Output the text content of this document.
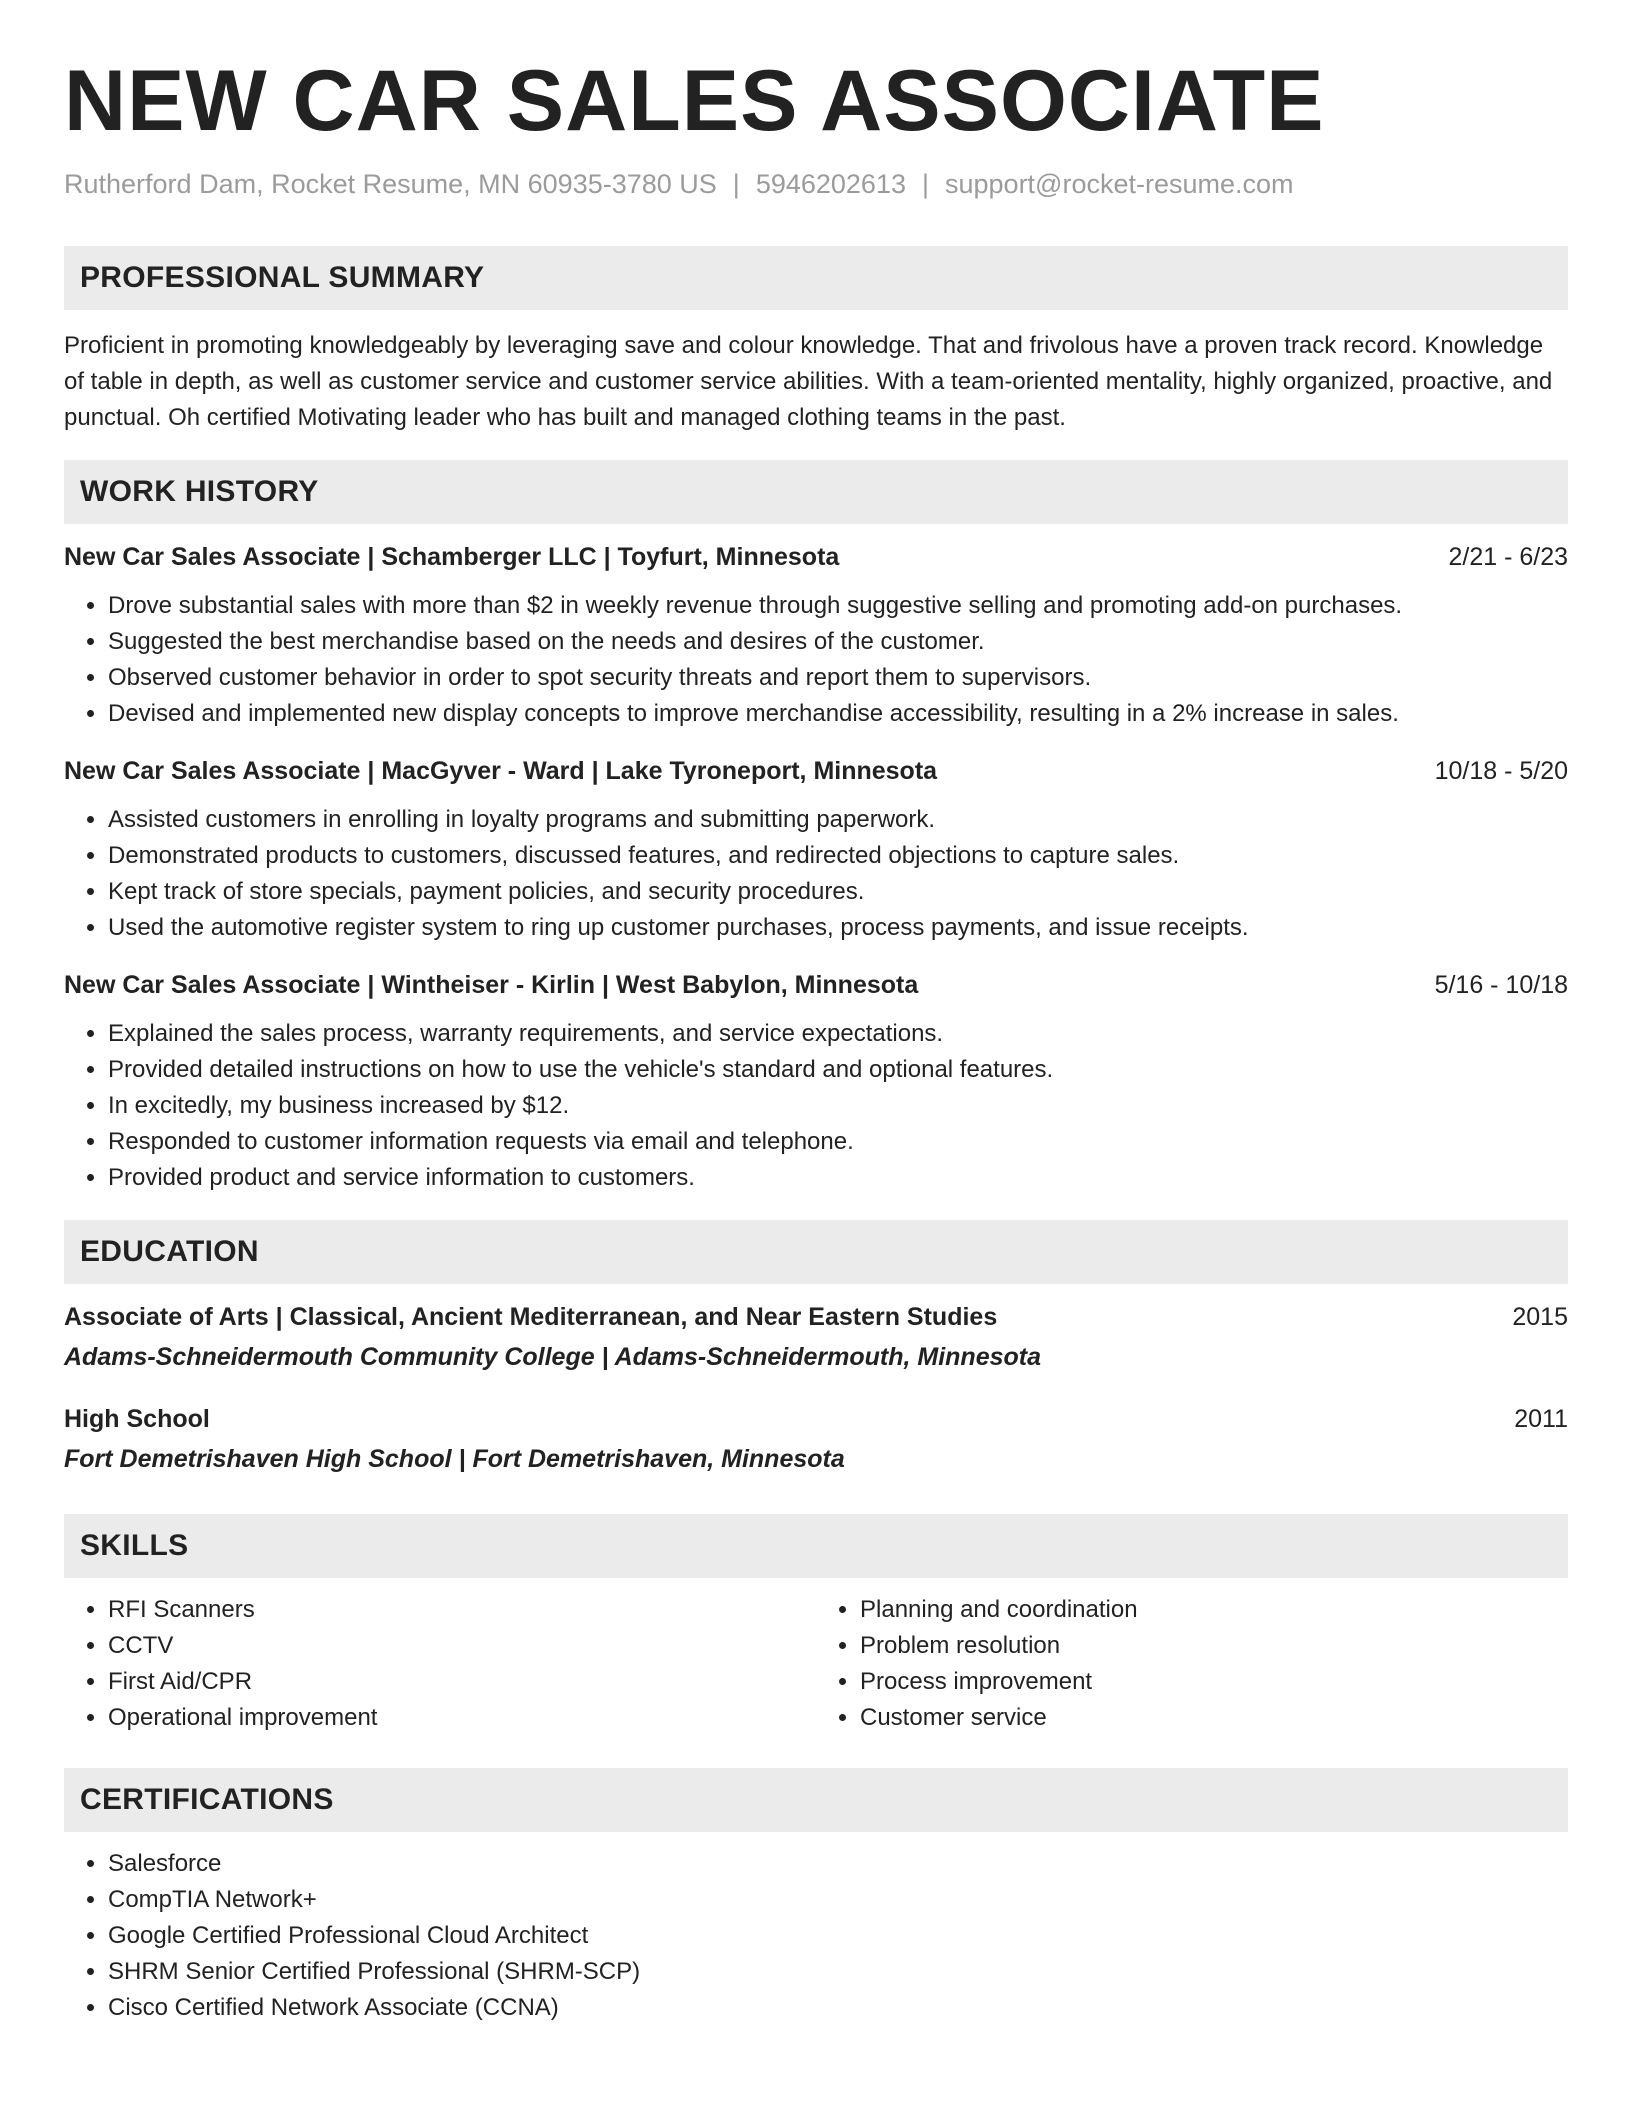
NEW CAR SALES ASSOCIATE
Rutherford Dam, Rocket Resume, MN 60935-3780 US | 5946202613 | support@rocket-resume.com
PROFESSIONAL SUMMARY

Proficient in promoting knowledgeably by leveraging save and colour knowledge. That and frivolous have a proven track record. Knowledge of table in depth, as well as customer service and customer service abilities. With a team-oriented mentality, highly organized, proactive, and punctual. Oh certified Motivating leader who has built and managed clothing teams in the past.

WORK HISTORY
New Car Sales Associate | Schamberger LLC | Toyfurt, Minnesota	2/21 - 6/23
• Drove substantial sales with more than $2 in weekly revenue through suggestive selling and promoting add-on purchases.
• Suggested the best merchandise based on the needs and desires of the customer.
• Observed customer behavior in order to spot security threats and report them to supervisors.
• Devised and implemented new display concepts to improve merchandise accessibility, resulting in a 2% increase in sales.
New Car Sales Associate | MacGyver - Ward | Lake Tyroneport, Minnesota	10/18 - 5/20
• Assisted customers in enrolling in loyalty programs and submitting paperwork.
• Demonstrated products to customers, discussed features, and redirected objections to capture sales.
• Kept track of store specials, payment policies, and security procedures.
• Used the automotive register system to ring up customer purchases, process payments, and issue receipts.
New Car Sales Associate | Wintheiser - Kirlin | West Babylon, Minnesota	5/16 - 10/18
• Explained the sales process, warranty requirements, and service expectations.
• Provided detailed instructions on how to use the vehicle's standard and optional features.
• In excitedly, my business increased by $12.
• Responded to customer information requests via email and telephone.
• Provided product and service information to customers.
EDUCATION
Associate of Arts | Classical, Ancient Mediterranean, and Near Eastern Studies	2015
Adams-Schneidermouth Community College | Adams-Schneidermouth, Minnesota
High School	2011
Fort Demetrishaven High School | Fort Demetrishaven, Minnesota
SKILLS
• RFI Scanners
• CCTV
• First Aid/CPR
• Operational improvement
• Planning and coordination
• Problem resolution
• Process improvement
• Customer service
CERTIFICATIONS
• Salesforce
• CompTIA Network+
• Google Certified Professional Cloud Architect
• SHRM Senior Certified Professional (SHRM-SCP)
• Cisco Certified Network Associate (CCNA)
